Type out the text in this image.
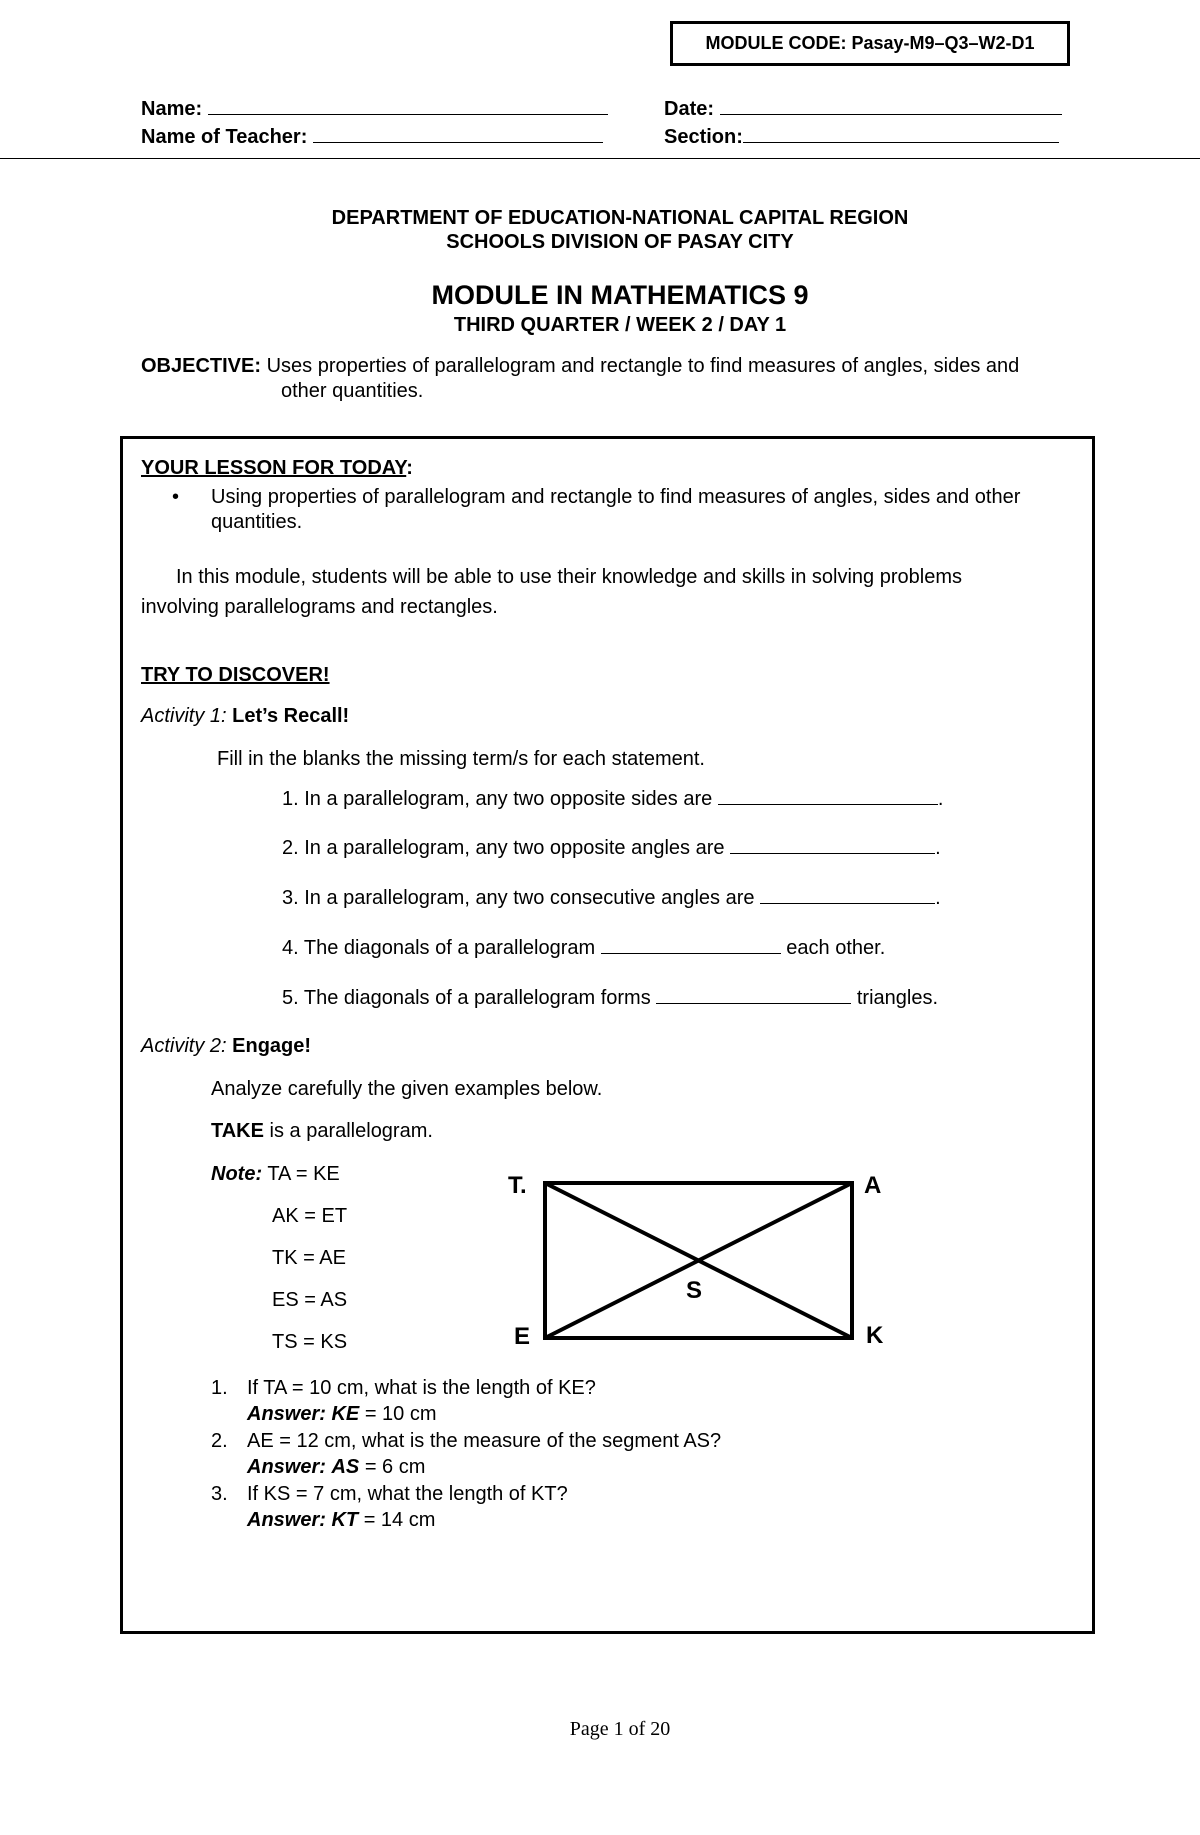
MODULE CODE: Pasay-M9–Q3–W2-D1
Name:	Date:
Name of Teacher:	Section:
DEPARTMENT OF EDUCATION-NATIONAL CAPITAL REGION
SCHOOLS DIVISION OF PASAY CITY
MODULE IN MATHEMATICS 9
THIRD QUARTER / WEEK 2 / DAY 1
OBJECTIVE: Uses properties of parallelogram and rectangle to find measures of angles, sides and
other quantities.
YOUR LESSON FOR TODAY:
• Using properties of parallelogram and rectangle to find measures of angles, sides and other
quantities.
In this module, students will be able to use their knowledge and skills in solving problems
involving parallelograms and rectangles.
TRY TO DISCOVER!
Activity 1: Let’s Recall!
Fill in the blanks the missing term/s for each statement.
1. In a parallelogram, any two opposite sides are	.
2. In a parallelogram, any two opposite angles are	.
3. In a parallelogram, any two consecutive angles are	.
4. The diagonals of a parallelogram	each other.
5. The diagonals of a parallelogram forms	triangles.
Activity 2: Engage!
Analyze carefully the given examples below.
TAKE is a parallelogram.
Note: TA = KE
AK = ET
TK = AE
ES = AS
TS = KS
T.	A
S
E	K
1. If TA = 10 cm, what is the length of KE?
Answer: KE = 10 cm
2. AE = 12 cm, what is the measure of the segment AS?
Answer: AS = 6 cm
3. If KS = 7 cm, what the length of KT?
Answer: KT = 14 cm
Page 1 of 20
